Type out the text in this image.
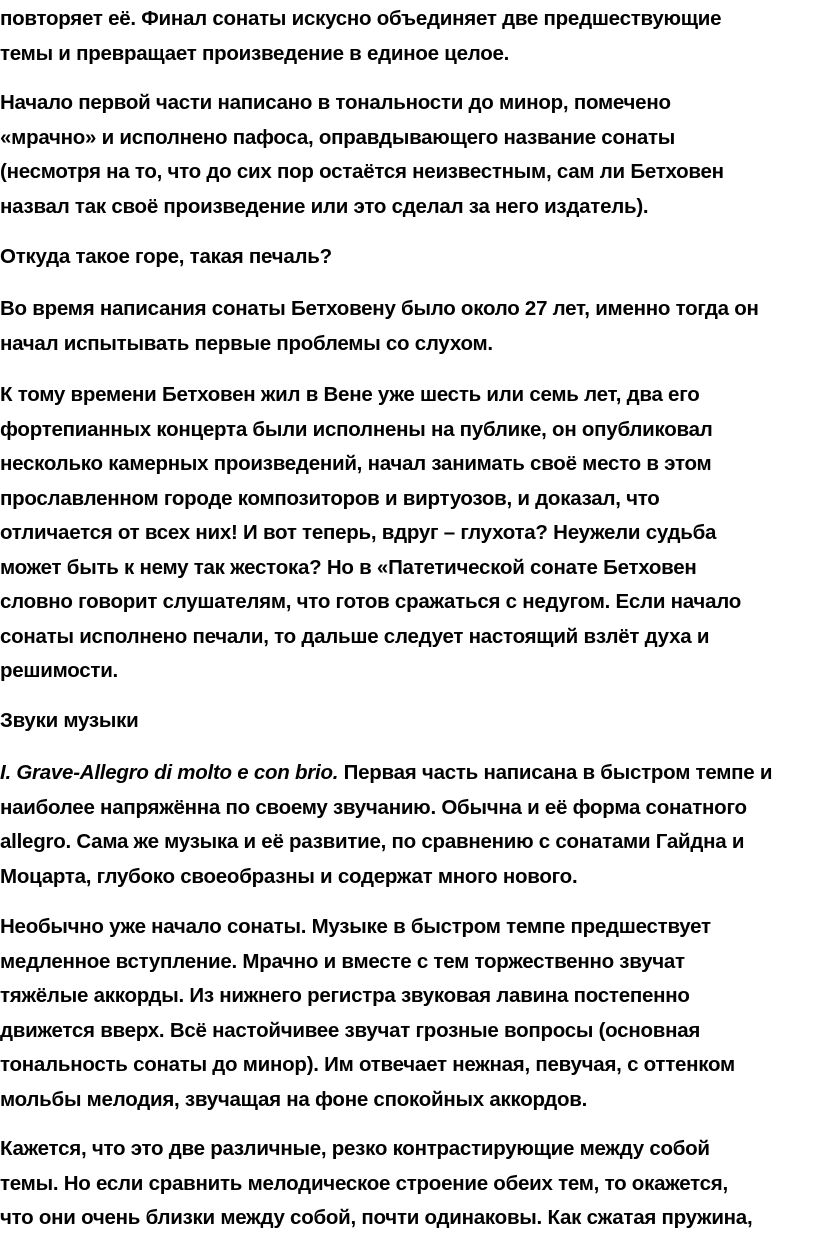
повторяет её. Финал сонаты искусно объединяет две предшествующие
темы и превращает произведение в единое целое.
Начало первой части написано в тональности до минор, помечено
«мрачно» и исполнено пафоса, оправдывающего название сонаты
(несмотря на то, что до сих пор остаётся неизвестным, сам ли Бетховен
назвал так своё произведение или это сделал за него издатель).
Откуда такое горе, такая печаль?
Во время написания сонаты Бетховену было около 27 лет, именно тогда он
начал испытывать первые проблемы со слухом.
К тому времени Бетховен жил в Вене уже шесть или семь лет, два его
фортепианных концерта были исполнены на публике, он опубликовал
несколько камерных произведений, начал занимать своё место в этом
прославленном городе композиторов и виртуозов, и доказал, что
отличается от всех них! И вот теперь, вдруг – глухота? Неужели судьба
может быть к нему так жестока? Но в «Патетической сонате Бетховен
словно говорит слушателям, что готов сражаться с недугом. Если начало
сонаты исполнено печали, то дальше следует настоящий взлёт духа и
решимости.
Звуки музыки
I. Grave-Allegro di molto e con brio. Первая часть написана в быстром темпе и
наиболее напряжённа по своему звучанию. Обычна и её форма сонатного
allegro. Сама же музыка и её развитие, по сравнению с сонатами Гайдна и
Моцарта, глубоко своеобразны и содержат много нового.
Необычно уже начало сонаты. Музыке в быстром темпе предшествует
медленное вступление. Мрачно и вместе с тем торжественно звучат
тяжёлые аккорды. Из нижнего регистра звуковая лавина постепенно
движется вверх. Всё настойчивее звучат грозные вопросы (основная
тональность сонаты до минор). Им отвечает нежная, певучая, с оттенком
мольбы мелодия, звучащая на фоне спокойных аккордов.
Кажется, что это две различные, резко контрастирующие между собой
темы. Но если сравнить мелодическое строение обеих тем, то окажется,
что они очень близки между собой, почти одинаковы. Как сжатая пружина,
